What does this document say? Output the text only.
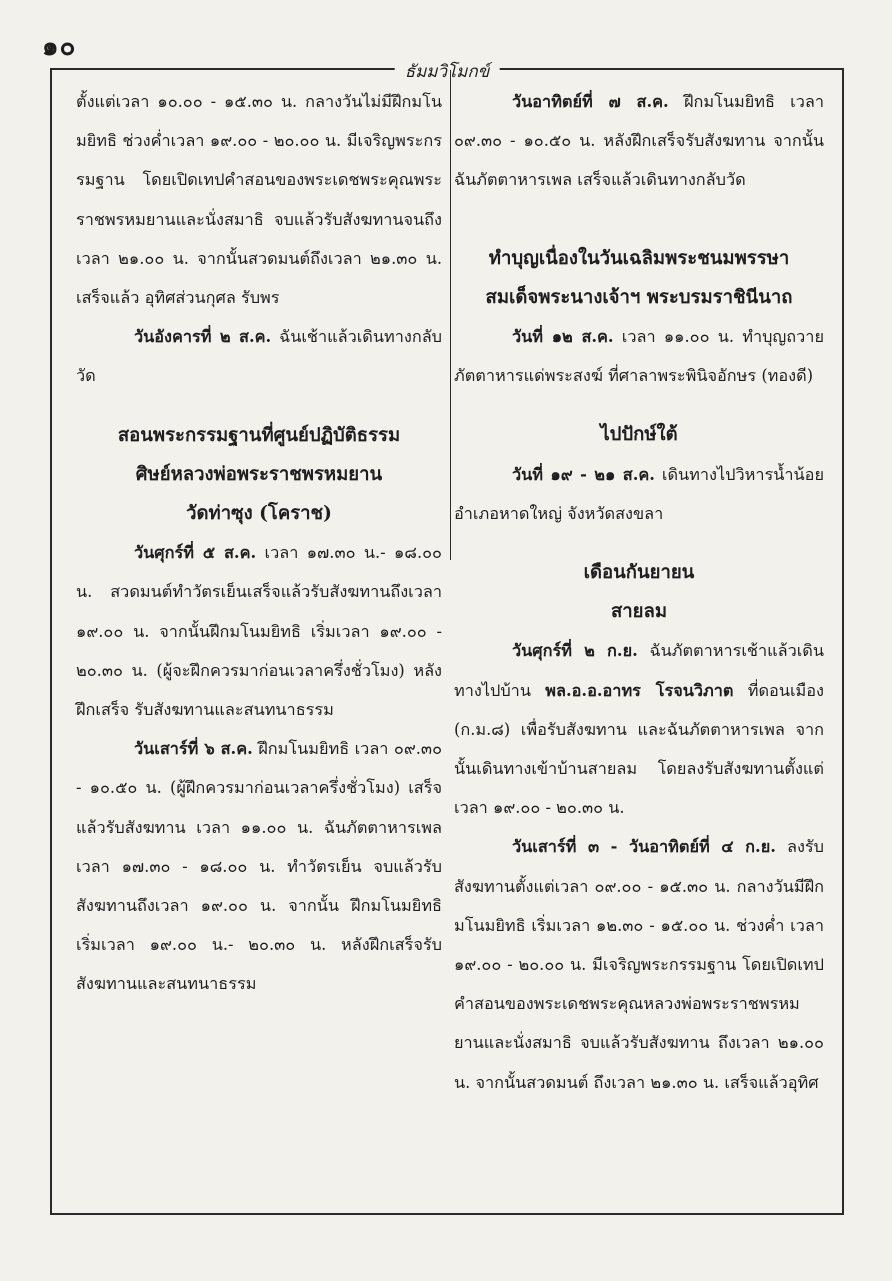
๑๐
ธัมมวิโมกข์

ตั้งแต่เวลา ๑๐.๐๐ - ๑๕.๓๐ น. กลางวันไม่มีฝึกมโนมยิทธิ ช่วงค่ำเวลา ๑๙.๐๐ - ๒๐.๐๐ น. มีเจริญพระกรรมฐาน โดยเปิดเทปคำสอนของพระเดชพระคุณพระราชพรหมยานและนั่งสมาธิ จบแล้วรับสังฆทานจนถึง เวลา ๒๑.๐๐ น. จากนั้นสวดมนต์ถึงเวลา ๒๑.๓๐ น. เสร็จแล้ว อุทิศส่วนกุศล รับพร

วันอังคารที่ ๒ ส.ค. ฉันเช้าแล้วเดินทางกลับวัด

สอนพระกรรมฐานที่ศูนย์ปฏิบัติธรรม

ศิษย์หลวงพ่อพระราชพรหมยาน

วัดท่าซุง (โคราช)

วันศุกร์ที่ ๕ ส.ค. เวลา ๑๗.๓๐ น.- ๑๘.๐๐ น. สวดมนต์ทำวัตรเย็นเสร็จแล้วรับสังฆทานถึงเวลา ๑๙.๐๐ น. จากนั้นฝึกมโนมยิทธิ เริ่มเวลา ๑๙.๐๐ - ๒๐.๓๐ น. (ผู้จะฝึกควรมาก่อนเวลาครึ่งชั่วโมง) หลังฝึกเสร็จ รับสังฆทานและสนทนาธรรม

วันเสาร์ที่ ๖ ส.ค. ฝึกมโนมยิทธิ เวลา ๐๙.๓๐ - ๑๐.๕๐ น. (ผู้ฝึกควรมาก่อนเวลาครึ่งชั่วโมง) เสร็จแล้วรับสังฆทาน เวลา ๑๑.๐๐ น. ฉันภัตตาหารเพล เวลา ๑๗.๓๐ - ๑๘.๐๐ น. ทำวัตรเย็น จบแล้วรับสังฆทานถึงเวลา ๑๙.๐๐ น. จากนั้น ฝึกมโนมยิทธิ เริ่มเวลา ๑๙.๐๐ น.- ๒๐.๓๐ น. หลังฝึกเสร็จรับสังฆทานและสนทนาธรรม

วันอาทิตย์ที่ ๗ ส.ค. ฝึกมโนมยิทธิ เวลา ๐๙.๓๐ - ๑๐.๕๐ น. หลังฝึกเสร็จรับสังฆทาน จากนั้นฉันภัตตาหารเพล เสร็จแล้วเดินทางกลับวัด

ทำบุญเนื่องในวันเฉลิมพระชนมพรรษา

สมเด็จพระนางเจ้าฯ พระบรมราชินีนาถ

วันที่ ๑๒ ส.ค. เวลา ๑๑.๐๐ น. ทำบุญถวายภัตตาหารแด่พระสงฆ์ ที่ศาลาพระพินิจอักษร (ทองดี)

ไปปักษ์ใต้

วันที่ ๑๙ - ๒๑ ส.ค. เดินทางไปวิหารน้ำน้อย อำเภอหาดใหญ่ จังหวัดสงขลา

เดือนกันยายน

สายลม

วันศุกร์ที่ ๒ ก.ย. ฉันภัตตาหารเช้าแล้วเดินทางไปบ้าน พล.อ.อ.อาทร โรจนวิภาต ที่ดอนเมือง (ก.ม.๘) เพื่อรับสังฆทาน และฉันภัตตาหารเพล จากนั้นเดินทางเข้าบ้านสายลม โดยลงรับสังฆทานตั้งแต่เวลา ๑๙.๐๐ - ๒๐.๓๐ น.

วันเสาร์ที่ ๓ - วันอาทิตย์ที่ ๔ ก.ย. ลงรับสังฆทานตั้งแต่เวลา ๐๙.๐๐ - ๑๕.๓๐ น. กลางวันมีฝึกมโนมยิทธิ เริ่มเวลา ๑๒.๓๐ - ๑๕.๐๐ น. ช่วงค่ำ เวลา ๑๙.๐๐ - ๒๐.๐๐ น. มีเจริญพระกรรมฐาน โดยเปิดเทปคำสอนของพระเดชพระคุณหลวงพ่อพระราชพรหมยานและนั่งสมาธิ จบแล้วรับสังฆทาน ถึงเวลา ๒๑.๐๐ น. จากนั้นสวดมนต์ ถึงเวลา ๒๑.๓๐ น. เสร็จแล้วอุทิศ
